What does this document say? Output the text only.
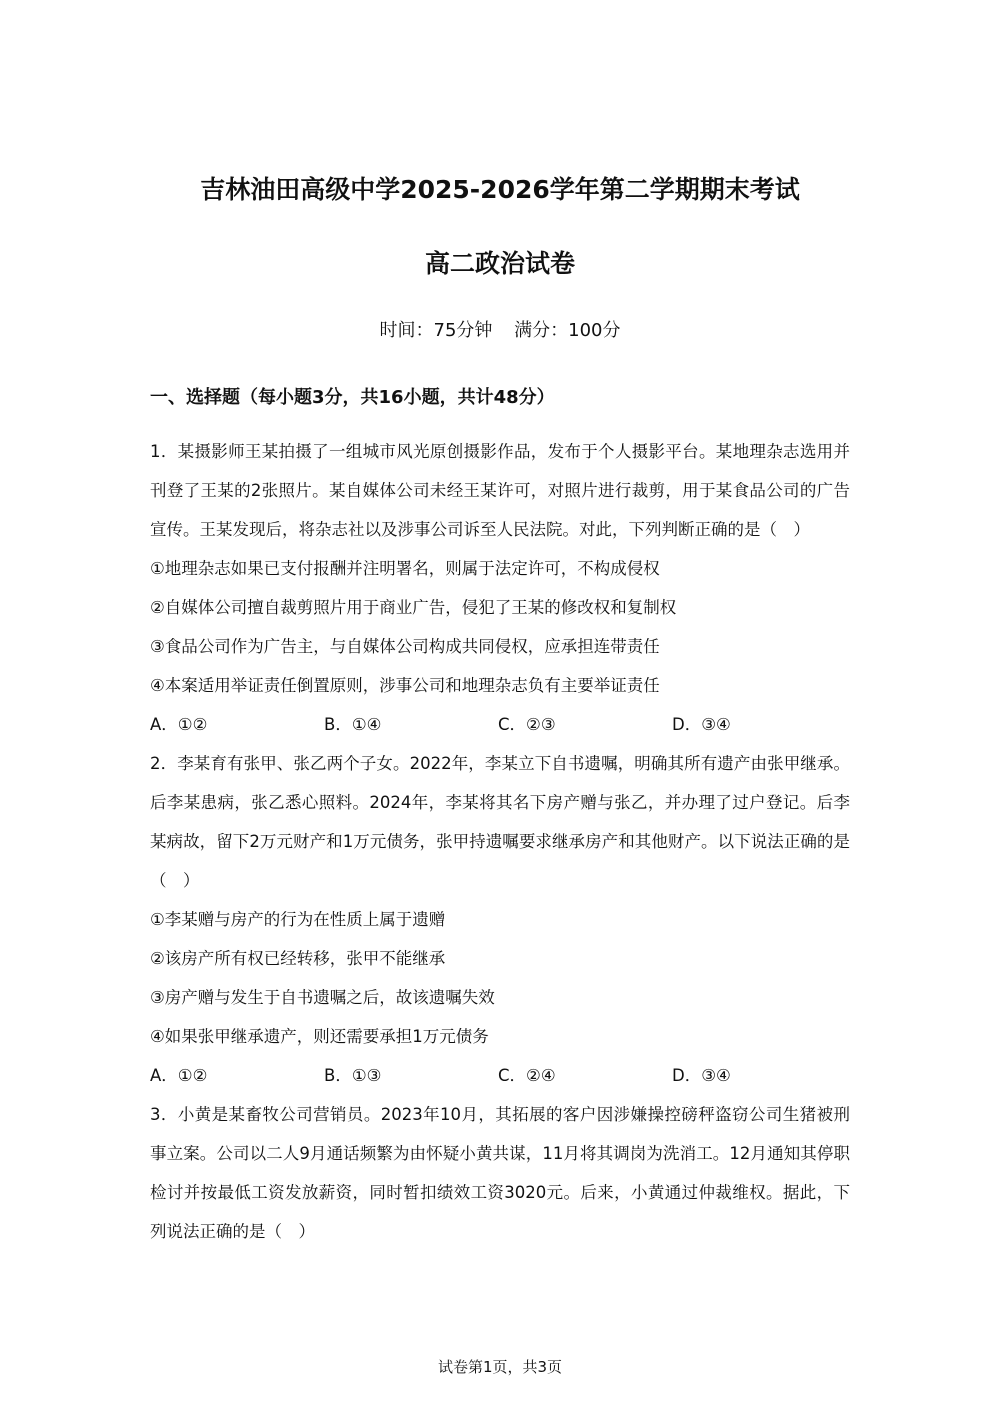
吉林油田高级中学2025-2026学年第二学期期末考试
高二政治试卷
时间：75分钟 满分：100分
一、选择题（每小题3分，共16小题，共计48分）
1．某摄影师王某拍摄了一组城市风光原创摄影作品，发布于个人摄影平台。某地理杂志选用并刊登了王某的2张照片。某自媒体公司未经王某许可，对照片进行裁剪，用于某食品公司的广告宣传。王某发现后，将杂志社以及涉事公司诉至人民法院。对此，下列判断正确的是（　）
①地理杂志如果已支付报酬并注明署名，则属于法定许可，不构成侵权
②自媒体公司擅自裁剪照片用于商业广告，侵犯了王某的修改权和复制权
③食品公司作为广告主，与自媒体公司构成共同侵权，应承担连带责任
④本案适用举证责任倒置原则，涉事公司和地理杂志负有主要举证责任
A．①②	B．①④	C．②③	D．③④
2．李某育有张甲、张乙两个子女。2022年，李某立下自书遗嘱，明确其所有遗产由张甲继承。后李某患病，张乙悉心照料。2024年，李某将其名下房产赠与张乙，并办理了过户登记。后李某病故，留下2万元财产和1万元债务，张甲持遗嘱要求继承房产和其他财产。以下说法正确的是（　）
①李某赠与房产的行为在性质上属于遗赠
②该房产所有权已经转移，张甲不能继承
③房产赠与发生于自书遗嘱之后，故该遗嘱失效
④如果张甲继承遗产，则还需要承担1万元债务
A．①②	B．①③	C．②④	D．③④
3．小黄是某畜牧公司营销员。2023年10月，其拓展的客户因涉嫌操控磅秤盗窃公司生猪被刑事立案。公司以二人9月通话频繁为由怀疑小黄共谋，11月将其调岗为洗消工。12月通知其停职检讨并按最低工资发放薪资，同时暂扣绩效工资3020元。后来，小黄通过仲裁维权。据此，下列说法正确的是（　）
试卷第1页，共3页
